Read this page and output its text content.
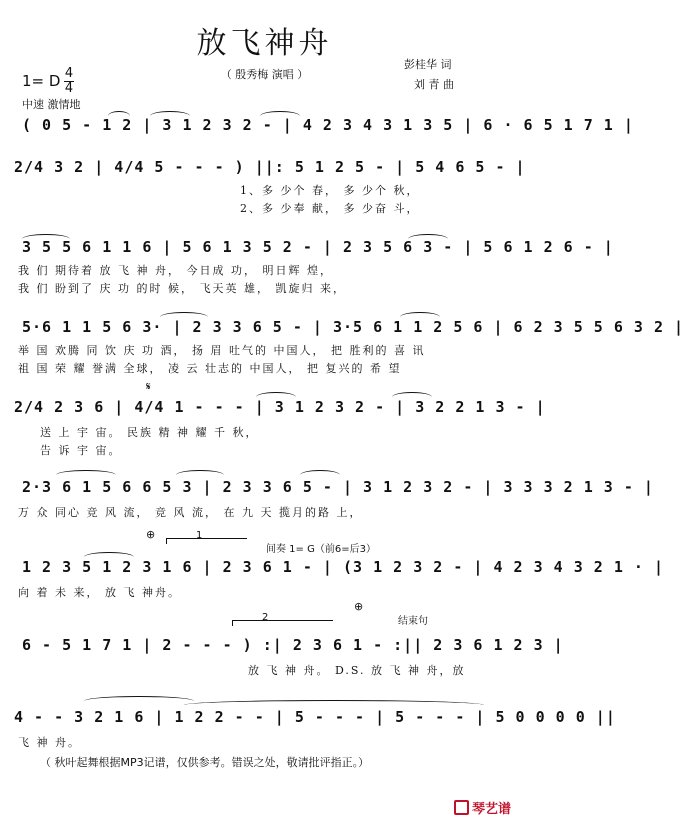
放飞神舟
（ 殷秀梅 演唱 ）
彭桂华 词
刘 青 曲
1= D 4
4
中速 激情地
( 0 5 - 1 2 | 3 1 2 3 2 - | 4 2 3 4 3 1 3 5 | 6 · 6 5 1 7 1 |
2/4 3 2 | 4/4 5 - - - ) ||: 5 1 2 5 - | 5 4 6 5 - |
1、多 少个 春， 多 少个 秋，
2、多 少奉 献， 多 少奋 斗，
3 5 5 6 1 1 6 | 5 6 1 3 5 2 - | 2 3 5 6 3 - | 5 6 1 2 6 - |
我 们 期待着 放 飞 神 舟， 今日成 功， 明日辉 煌，
我 们 盼到了 庆 功 的时 候， 飞天英 雄， 凯旋归 来，
5·6 1 1 5 6 3· | 2 3 3 6 5 - | 3·5 6 1 1 2 5 6 | 6 2 3 5 5 6 3 2 |
举 国 欢腾 同 饮 庆 功 酒， 扬 眉 吐气的 中国人， 把 胜利的 喜 讯
祖 国 荣 耀 誉满 全球， 凌 云 壮志的 中国人， 把 复兴的 希 望
𝄋
2/4 2 3 6 | 4/4 1 - - - | 3 1 2 3 2 - | 3 2 2 1 3 - |
送 上 宇 宙。 民族 精 神 耀 千 秋，
告 诉 宇 宙。
2·3 6 1 5 6 6 5 3 | 2 3 3 6 5 - | 3 1 2 3 2 - | 3 3 3 2 1 3 - |
万 众 同心 竞 风 流， 竞 风 流， 在 九 天 揽月的路 上，
⊕	1
间奏 1= G（前6=后3）
1 2 3 5 1 2 3 1 6 | 2 3 6 1 - | (3 1 2 3 2 - | 4 2 3 4 3 2 1 · |
向 着 未 来， 放 飞 神舟。
2
⊕
结束句
6 - 5 1 7 1 | 2 - - - ) :| 2 3 6 1 - :|| 2 3 6 1 2 3 |
放 飞 神 舟。 D.S. 放 飞 神 舟，放
4 - - 3 2 1 6 | 1 2 2 - - | 5 - - - | 5 - - - | 5 0 0 0 0 ||
飞 神 舟。
（ 秋叶起舞根据MP3记谱，仅供参考。错误之处，敬请批评指正。）
琴艺谱
